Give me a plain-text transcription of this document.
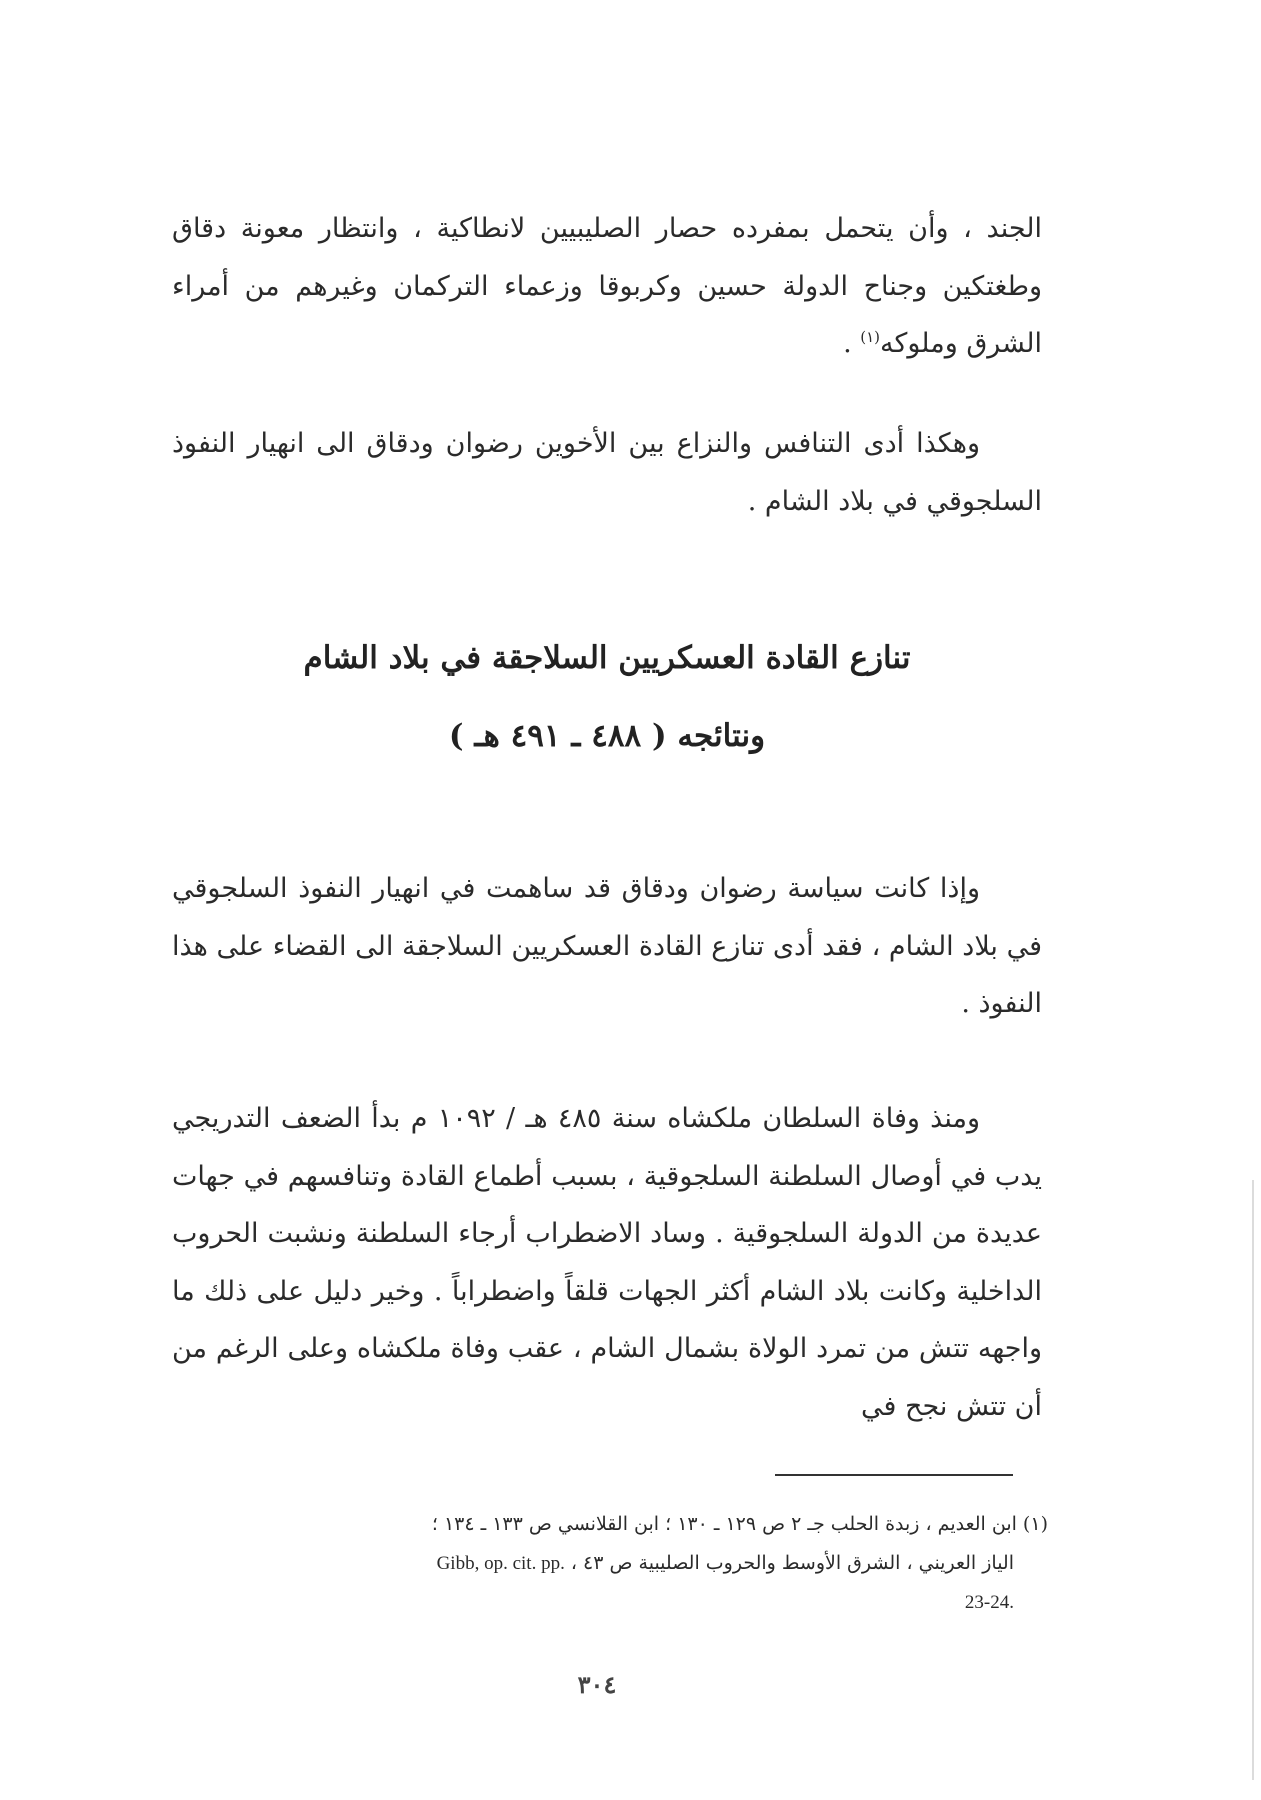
الجند ، وأن يتحمل بمفرده حصار الصليبيين لانطاكية ، وانتظار معونة دقاق وطغتكين وجناح الدولة حسين وكربوقا وزعماء التركمان وغيرهم من أمراء الشرق وملوكه$^{(١)}$ .

وهكذا أدى التنافس والنزاع بين الأخوين رضوان ودقاق الى انهيار النفوذ السلجوقي في بلاد الشام .

تنازع القادة العسكريين السلاجقة في بلاد الشام
ونتائجه ( ٤٨٨ ـ ٤٩١ هـ )

وإذا كانت سياسة رضوان ودقاق قد ساهمت في انهيار النفوذ السلجوقي في بلاد الشام ، فقد أدى تنازع القادة العسكريين السلاجقة الى القضاء على هذا النفوذ .

ومنذ وفاة السلطان ملكشاه سنة ٤٨٥ هـ / ١٠٩٢ م بدأ الضعف التدريجي يدب في أوصال السلطنة السلجوقية ، بسبب أطماع القادة وتنافسهم في جهات عديدة من الدولة السلجوقية . وساد الاضطراب أرجاء السلطنة ونشبت الحروب الداخلية وكانت بلاد الشام أكثر الجهات قلقاً واضطراباً . وخير دليل على ذلك ما واجهه تتش من تمرد الولاة بشمال الشام ، عقب وفاة ملكشاه وعلى الرغم من أن تتش نجح في

(١) ابن العديم ، زبدة الحلب جـ ٢ ص ١٢٩ ـ ١٣٠ ؛ ابن القلانسي ص ١٣٣ ـ ١٣٤ ؛

الياز العريني ، الشرق الأوسط والحروب الصليبية ص ٤٣ ، Gibb, op. cit. pp.

23-24.

٣٠٤
